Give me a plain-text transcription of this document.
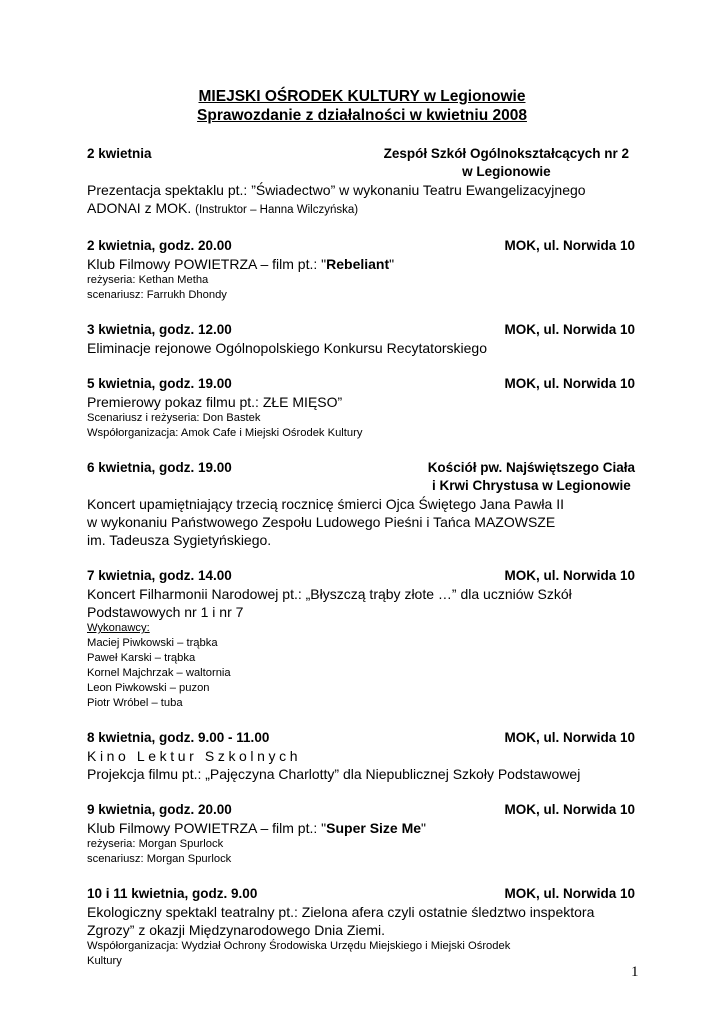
MIEJSKI OŚRODEK KULTURY w Legionowie
Sprawozdanie z działalności w kwietniu 2008
2 kwietnia	Zespół Szkół Ogólnokształcących nr 2
w Legionowie
Prezentacja spektaklu pt.: ”Świadectwo” w wykonaniu Teatru Ewangelizacyjnego
ADONAI z MOK. (Instruktor – Hanna Wilczyńska)
2 kwietnia, godz. 20.00	MOK, ul. Norwida 10
Klub Filmowy POWIETRZA – film pt.: "Rebeliant"
reżyseria: Kethan Metha
scenariusz: Farrukh Dhondy
3 kwietnia, godz. 12.00	MOK, ul. Norwida 10
Eliminacje rejonowe Ogólnopolskiego Konkursu Recytatorskiego
5 kwietnia, godz. 19.00	MOK, ul. Norwida 10
Premierowy pokaz filmu pt.: ZŁE MIĘSO”
Scenariusz i reżyseria: Don Bastek
Współorganizacja: Amok Cafe i Miejski Ośrodek Kultury
6 kwietnia, godz. 19.00	Kościół pw. Najświętszego Ciała
i Krwi Chrystusa w Legionowie
Koncert upamiętniający trzecią rocznicę śmierci Ojca Świętego Jana Pawła II
w wykonaniu Państwowego Zespołu Ludowego Pieśni i Tańca MAZOWSZE
im. Tadeusza Sygietyńskiego.
7 kwietnia, godz. 14.00	MOK, ul. Norwida 10
Koncert Filharmonii Narodowej pt.: „Błyszczą trąby złote …” dla uczniów Szkół
Podstawowych nr 1 i nr 7
Wykonawcy:
Maciej Piwkowski – trąbka
Paweł Karski – trąbka
Kornel Majchrzak – waltornia
Leon Piwkowski – puzon
Piotr Wróbel – tuba
8 kwietnia, godz. 9.00 - 11.00	MOK, ul. Norwida 10
Kino Lektur Szkolnych
Projekcja filmu pt.: „Pajęczyna Charlotty” dla Niepublicznej Szkoły Podstawowej
9 kwietnia, godz. 20.00	MOK, ul. Norwida 10
Klub Filmowy POWIETRZA – film pt.: "Super Size Me"
reżyseria: Morgan Spurlock
scenariusz: Morgan Spurlock
10 i 11 kwietnia, godz. 9.00	MOK, ul. Norwida 10
Ekologiczny spektakl teatralny pt.: Zielona afera czyli ostatnie śledztwo inspektora
Zgrozy” z okazji Międzynarodowego Dnia Ziemi.
Współorganizacja: Wydział Ochrony Środowiska Urzędu Miejskiego i Miejski Ośrodek
Kultury
1
